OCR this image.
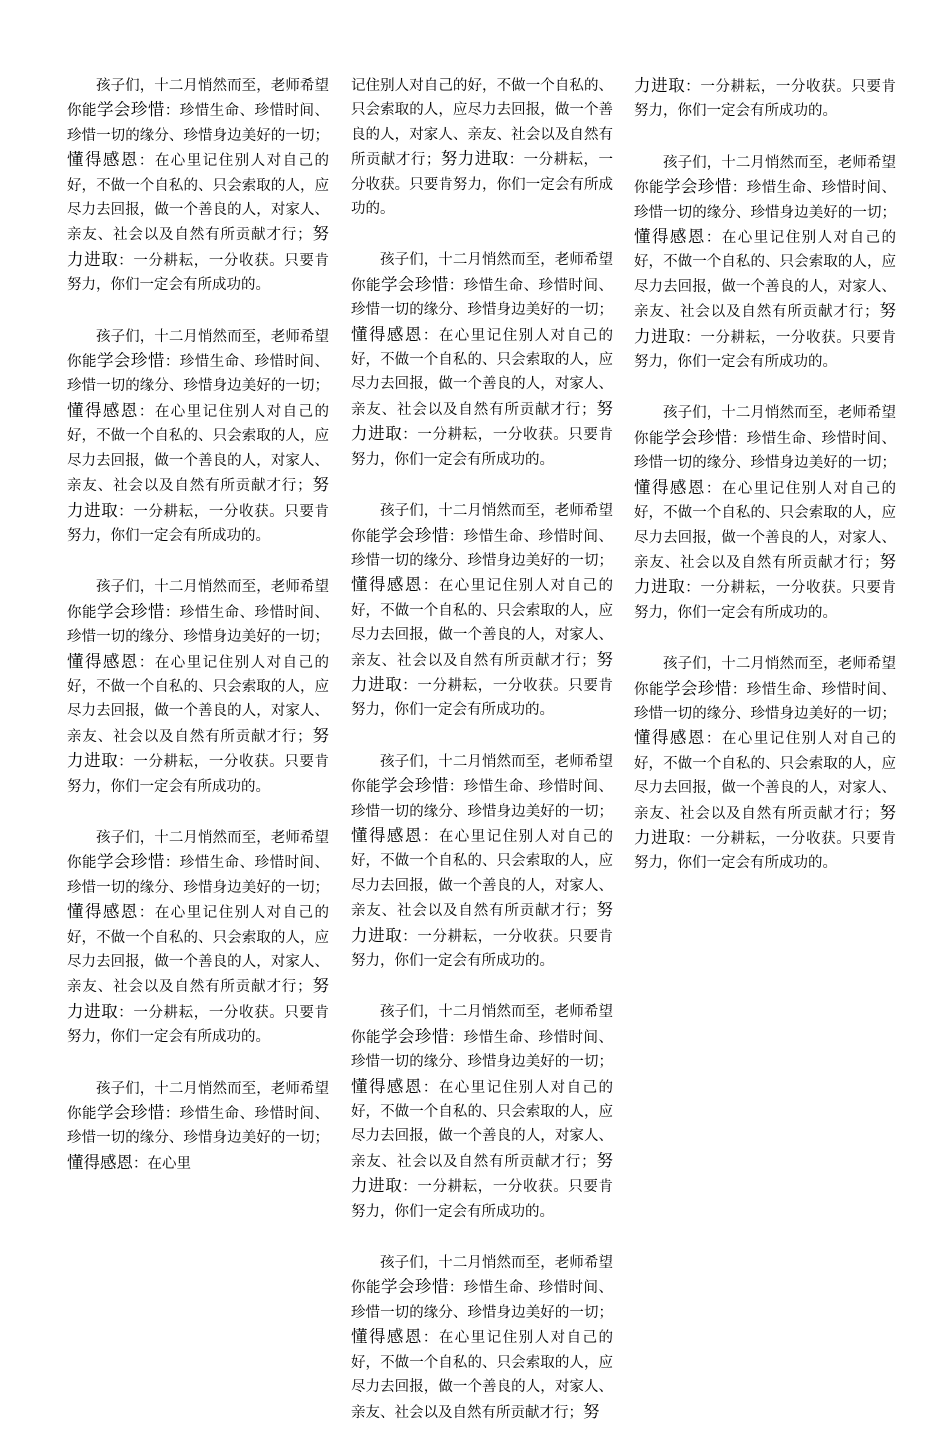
孩子们，十二月悄然而至，老师希望你能学会珍惜：珍惜生命、珍惜时间、珍惜一切的缘分、珍惜身边美好的一切；懂得感恩：在心里记住别人对自己的好，不做一个自私的、只会索取的人，应尽力去回报，做一个善良的人，对家人、亲友、社会以及自然有所贡献才行；努力进取：一分耕耘，一分收获。只要肯努力，你们一定会有所成功的。

孩子们，十二月悄然而至，老师希望你能学会珍惜：珍惜生命、珍惜时间、珍惜一切的缘分、珍惜身边美好的一切；懂得感恩：在心里记住别人对自己的好，不做一个自私的、只会索取的人，应尽力去回报，做一个善良的人，对家人、亲友、社会以及自然有所贡献才行；努力进取：一分耕耘，一分收获。只要肯努力，你们一定会有所成功的。

孩子们，十二月悄然而至，老师希望你能学会珍惜：珍惜生命、珍惜时间、珍惜一切的缘分、珍惜身边美好的一切；懂得感恩：在心里记住别人对自己的好，不做一个自私的、只会索取的人，应尽力去回报，做一个善良的人，对家人、亲友、社会以及自然有所贡献才行；努力进取：一分耕耘，一分收获。只要肯努力，你们一定会有所成功的。

孩子们，十二月悄然而至，老师希望你能学会珍惜：珍惜生命、珍惜时间、珍惜一切的缘分、珍惜身边美好的一切；懂得感恩：在心里记住别人对自己的好，不做一个自私的、只会索取的人，应尽力去回报，做一个善良的人，对家人、亲友、社会以及自然有所贡献才行；努力进取：一分耕耘，一分收获。只要肯努力，你们一定会有所成功的。

孩子们，十二月悄然而至，老师希望你能学会珍惜：珍惜生命、珍惜时间、珍惜一切的缘分、珍惜身边美好的一切；懂得感恩：在心里

记住别人对自己的好，不做一个自私的、只会索取的人，应尽力去回报，做一个善良的人，对家人、亲友、社会以及自然有所贡献才行；努力进取：一分耕耘，一分收获。只要肯努力，你们一定会有所成功的。

孩子们，十二月悄然而至，老师希望你能学会珍惜：珍惜生命、珍惜时间、珍惜一切的缘分、珍惜身边美好的一切；懂得感恩：在心里记住别人对自己的好，不做一个自私的、只会索取的人，应尽力去回报，做一个善良的人，对家人、亲友、社会以及自然有所贡献才行；努力进取：一分耕耘，一分收获。只要肯努力，你们一定会有所成功的。

孩子们，十二月悄然而至，老师希望你能学会珍惜：珍惜生命、珍惜时间、珍惜一切的缘分、珍惜身边美好的一切；懂得感恩：在心里记住别人对自己的好，不做一个自私的、只会索取的人，应尽力去回报，做一个善良的人，对家人、亲友、社会以及自然有所贡献才行；努力进取：一分耕耘，一分收获。只要肯努力，你们一定会有所成功的。

孩子们，十二月悄然而至，老师希望你能学会珍惜：珍惜生命、珍惜时间、珍惜一切的缘分、珍惜身边美好的一切；懂得感恩：在心里记住别人对自己的好，不做一个自私的、只会索取的人，应尽力去回报，做一个善良的人，对家人、亲友、社会以及自然有所贡献才行；努力进取：一分耕耘，一分收获。只要肯努力，你们一定会有所成功的。

孩子们，十二月悄然而至，老师希望你能学会珍惜：珍惜生命、珍惜时间、珍惜一切的缘分、珍惜身边美好的一切；懂得感恩：在心里记住别人对自己的好，不做一个自私的、只会索取的人，应尽力去回报，做一个善良的人，对家人、亲友、社会以及自然有所贡献才行；努力进取：一分耕耘，一分收获。只要肯努力，你们一定会有所成功的。

孩子们，十二月悄然而至，老师希望你能学会珍惜：珍惜生命、珍惜时间、珍惜一切的缘分、珍惜身边美好的一切；懂得感恩：在心里记住别人对自己的好，不做一个自私的、只会索取的人，应尽力去回报，做一个善良的人，对家人、亲友、社会以及自然有所贡献才行；努

力进取：一分耕耘，一分收获。只要肯努力，你们一定会有所成功的。

孩子们，十二月悄然而至，老师希望你能学会珍惜：珍惜生命、珍惜时间、珍惜一切的缘分、珍惜身边美好的一切；懂得感恩：在心里记住别人对自己的好，不做一个自私的、只会索取的人，应尽力去回报，做一个善良的人，对家人、亲友、社会以及自然有所贡献才行；努力进取：一分耕耘，一分收获。只要肯努力，你们一定会有所成功的。

孩子们，十二月悄然而至，老师希望你能学会珍惜：珍惜生命、珍惜时间、珍惜一切的缘分、珍惜身边美好的一切；懂得感恩：在心里记住别人对自己的好，不做一个自私的、只会索取的人，应尽力去回报，做一个善良的人，对家人、亲友、社会以及自然有所贡献才行；努力进取：一分耕耘，一分收获。只要肯努力，你们一定会有所成功的。

孩子们，十二月悄然而至，老师希望你能学会珍惜：珍惜生命、珍惜时间、珍惜一切的缘分、珍惜身边美好的一切；懂得感恩：在心里记住别人对自己的好，不做一个自私的、只会索取的人，应尽力去回报，做一个善良的人，对家人、亲友、社会以及自然有所贡献才行；努力进取：一分耕耘，一分收获。只要肯努力，你们一定会有所成功的。
